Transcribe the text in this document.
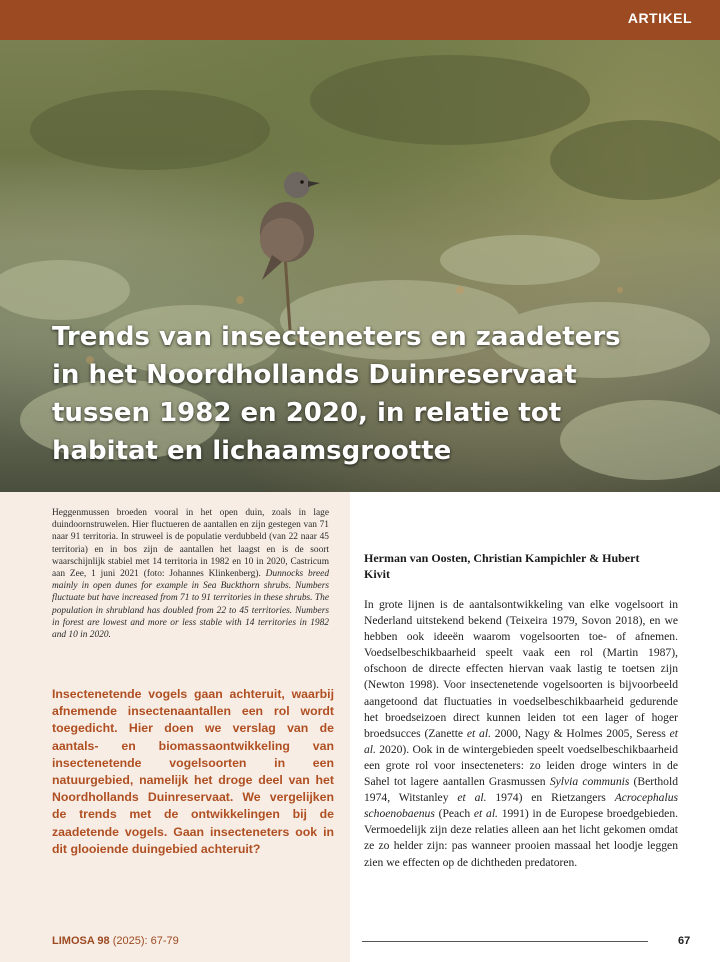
ARTIKEL
Trends van insecteneters en zaadeters in het Noordhollands Duinreservaat tussen 1982 en 2020, in relatie tot habitat en lichaamsgrootte

Heggenmussen broeden vooral in het open duin, zoals in lage duindoornstruwelen. Hier fluctueren de aantallen en zijn gestegen van 71 naar 91 territoria. In struweel is de populatie verdubbeld (van 22 naar 45 territoria) en in bos zijn de aantallen het laagst en is de soort waarschijnlijk stabiel met 14 territoria in 1982 en 10 in 2020, Castricum aan Zee, 1 juni 2021 (foto: Johannes Klinkenberg). Dunnocks breed mainly in open dunes for example in Sea Buckthorn shrubs. Numbers fluctuate but have increased from 71 to 91 territories in these shrubs. The population in shrubland has doubled from 22 to 45 territories. Numbers in forest are lowest and more or less stable with 14 territories in 1982 and 10 in 2020.

Insectenetende vogels gaan achteruit, waarbij afnemende insectenaantallen een rol wordt toegedicht. Hier doen we verslag van de aantals- en biomassaontwikkeling van insectenetende vogelsoorten in een natuurgebied, namelijk het droge deel van het Noordhollands Duinreservaat. We vergelijken de trends met de ontwikkelingen bij de zaadetende vogels. Gaan insecteneters ook in dit glooiende duingebied achteruit?

Herman van Oosten, Christian Kampichler & Hubert Kivit

In grote lijnen is de aantalsontwikkeling van elke vogelsoort in Nederland uitstekend bekend (Teixeira 1979, Sovon 2018), en we hebben ook ideeën waarom vogelsoorten toe- of afnemen. Voedselbeschikbaarheid speelt vaak een rol (Martin 1987), ofschoon de directe effecten hiervan vaak lastig te toetsen zijn (Newton 1998). Voor insectenetende vogelsoorten is bijvoorbeeld aangetoond dat fluctuaties in voedselbeschikbaarheid gedurende het broedseizoen direct kunnen leiden tot een lager of hoger broedsucces (Zanette et al. 2000, Nagy & Holmes 2005, Seress et al. 2020). Ook in de wintergebieden speelt voedselbeschikbaarheid een grote rol voor insecteneters: zo leiden droge winters in de Sahel tot lagere aantallen Grasmussen Sylvia communis (Berthold 1974, Witstanley et al. 1974) en Rietzangers Acrocephalus schoenobaenus (Peach et al. 1991) in de Europese broedgebieden. Vermoedelijk zijn deze relaties alleen aan het licht gekomen omdat ze zo helder zijn: pas wanneer prooien massaal het loodje leggen zien we effecten op de dichtheden predatoren.

LIMOSA 98 (2025): 67-79	67
